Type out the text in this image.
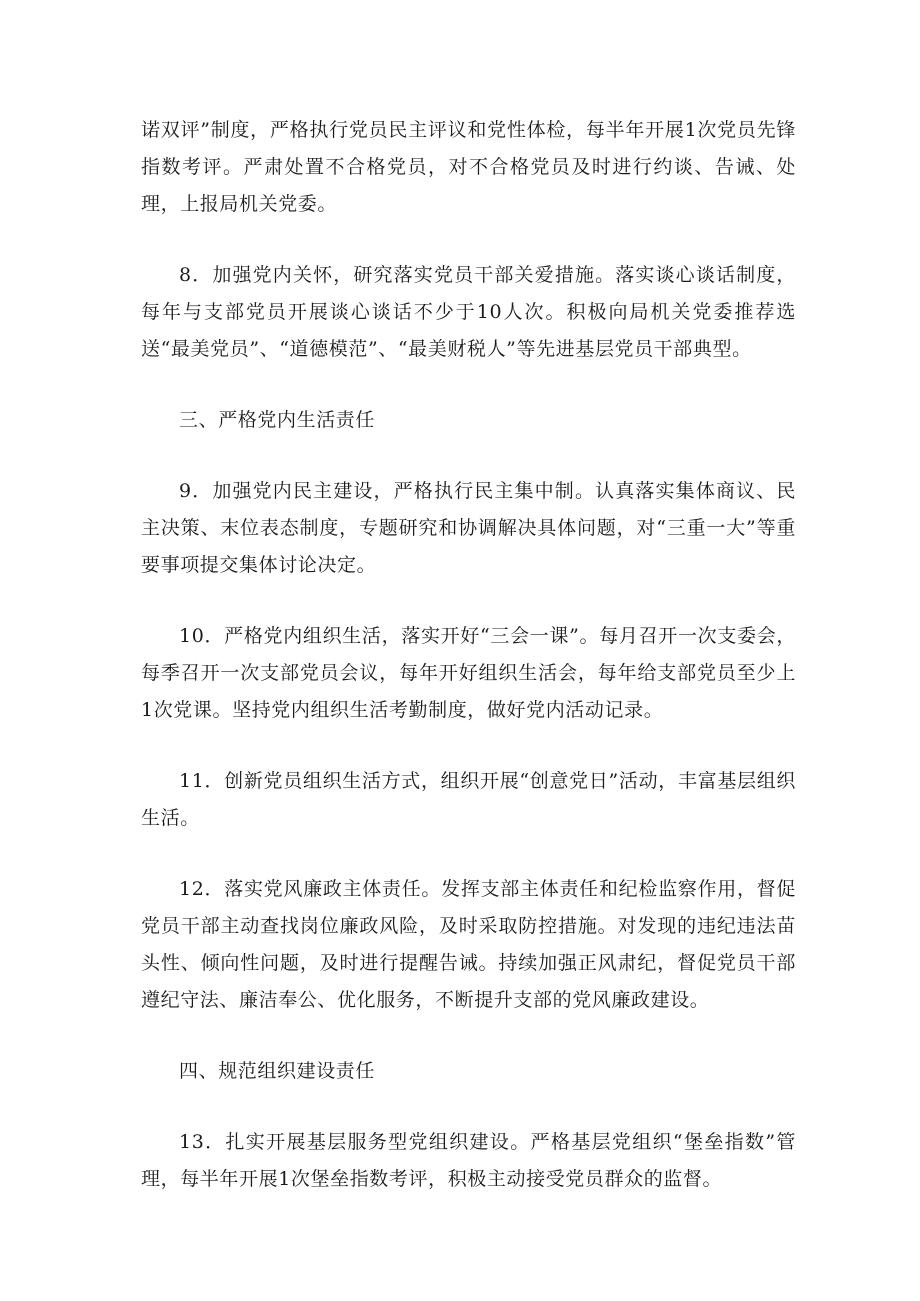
诺双评”制度，严格执行党员民主评议和党性体检，每半年开展1次党员先锋指数考评。严肃处置不合格党员，对不合格党员及时进行约谈、告诫、处理，上报局机关党委。

8．加强党内关怀，研究落实党员干部关爱措施。落实谈心谈话制度，每年与支部党员开展谈心谈话不少于10人次。积极向局机关党委推荐选送“最美党员”、“道德模范”、“最美财税人”等先进基层党员干部典型。

三、严格党内生活责任

9．加强党内民主建设，严格执行民主集中制。认真落实集体商议、民主决策、末位表态制度，专题研究和协调解决具体问题，对“三重一大”等重要事项提交集体讨论决定。

10．严格党内组织生活，落实开好“三会一课”。每月召开一次支委会，每季召开一次支部党员会议，每年开好组织生活会，每年给支部党员至少上1次党课。坚持党内组织生活考勤制度，做好党内活动记录。

11．创新党员组织生活方式，组织开展“创意党日”活动，丰富基层组织生活。

12．落实党风廉政主体责任。发挥支部主体责任和纪检监察作用，督促党员干部主动查找岗位廉政风险，及时采取防控措施。对发现的违纪违法苗头性、倾向性问题，及时进行提醒告诫。持续加强正风肃纪，督促党员干部遵纪守法、廉洁奉公、优化服务，不断提升支部的党风廉政建设。

四、规范组织建设责任

13．扎实开展基层服务型党组织建设。严格基层党组织“堡垒指数”管理，每半年开展1次堡垒指数考评，积极主动接受党员群众的监督。
